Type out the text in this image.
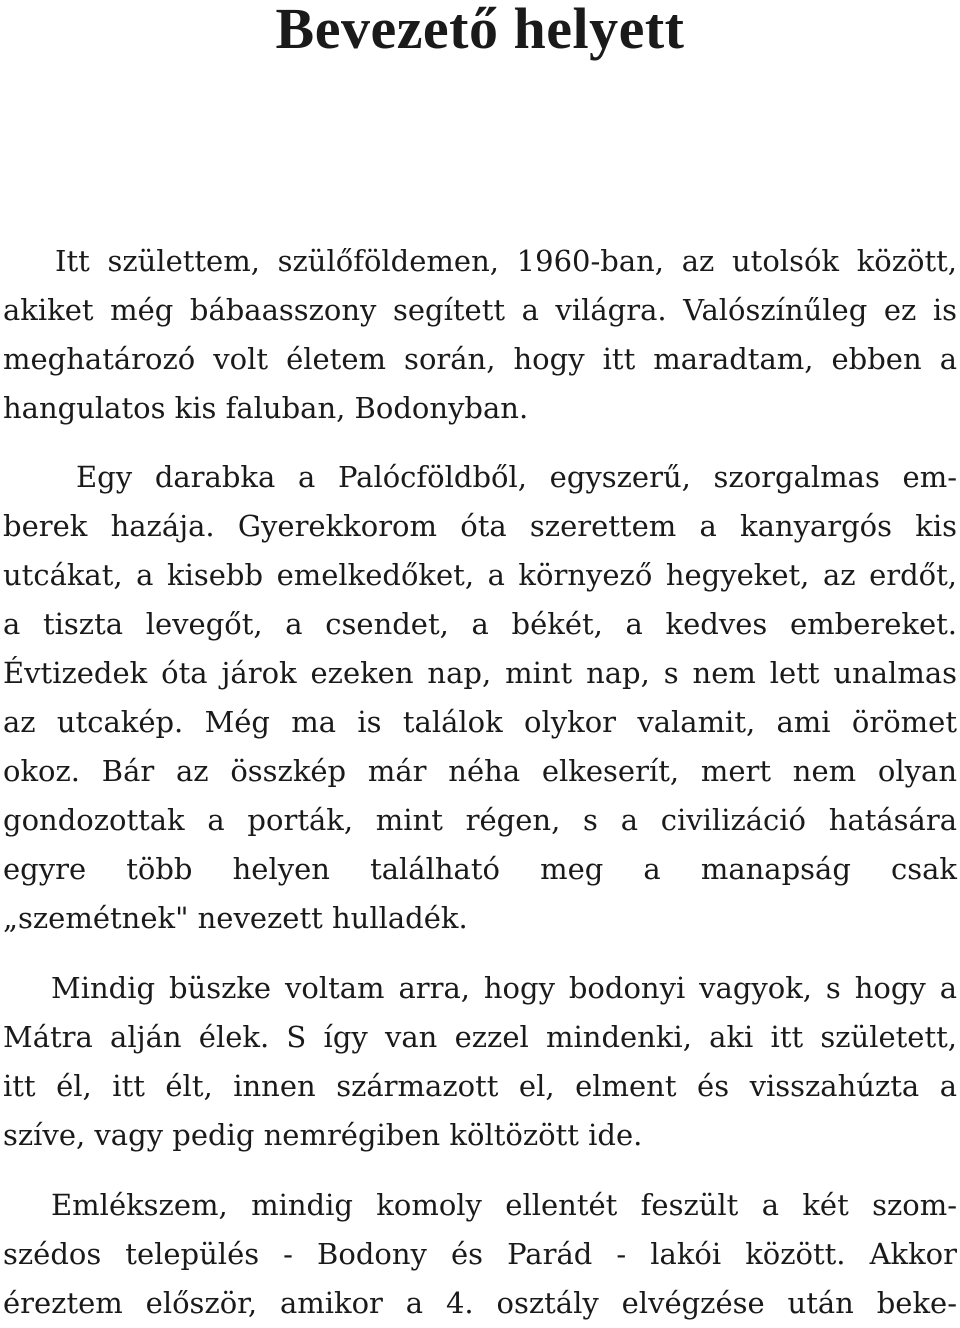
Bevezető helyett
Itt születtem, szülőföldemen, 1960-ban, az utolsók között,
akiket még bábaasszony segített a világra. Valószínűleg ez is
meghatározó volt életem során, hogy itt maradtam, ebben a
hangulatos kis faluban, Bodonyban.
Egy darabka a Palócföldből, egyszerű, szorgalmas em-
berek hazája. Gyerekkorom óta szerettem a kanyargós kis
utcákat, a kisebb emelkedőket, a környező hegyeket, az erdőt,
a tiszta levegőt, a csendet, a békét, a kedves embereket.
Évtizedek óta járok ezeken nap, mint nap, s nem lett unalmas
az utcakép. Még ma is találok olykor valamit, ami örömet
okoz. Bár az összkép már néha elkeserít, mert nem olyan
gondozottak a porták, mint régen, s a civilizáció hatására
egyre több helyen található meg a manapság csak
„szemétnek" nevezett hulladék.
Mindig büszke voltam arra, hogy bodonyi vagyok, s hogy a
Mátra alján élek. S így van ezzel mindenki, aki itt született,
itt él, itt élt, innen származott el, elment és visszahúzta a
szíve, vagy pedig nemrégiben költözött ide.
Emlékszem, mindig komoly ellentét feszült a két szom-
szédos település - Bodony és Parád - lakói között. Akkor
éreztem először, amikor a 4. osztály elvégzése után beke-
